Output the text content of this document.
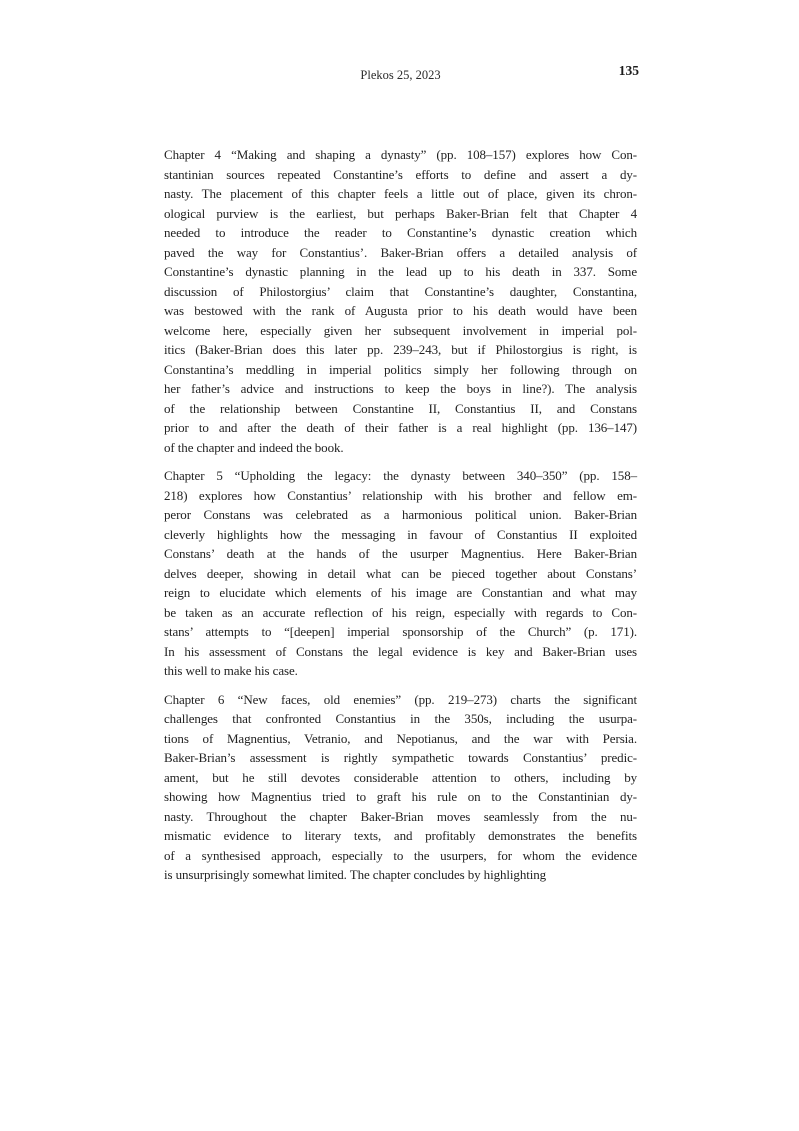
Plekos 25, 2023	135
Chapter 4 “Making and shaping a dynasty” (pp. 108–157) explores how Con-
stantinian sources repeated Constantine’s efforts to define and assert a dy-
nasty. The placement of this chapter feels a little out of place, given its chron-
ological purview is the earliest, but perhaps Baker-Brian felt that Chapter 4
needed to introduce the reader to Constantine’s dynastic creation which
paved the way for Constantius’. Baker-Brian offers a detailed analysis of
Constantine’s dynastic planning in the lead up to his death in 337. Some
discussion of Philostorgius’ claim that Constantine’s daughter, Constantina,
was bestowed with the rank of Augusta prior to his death would have been
welcome here, especially given her subsequent involvement in imperial pol-
itics (Baker-Brian does this later pp. 239–243, but if Philostorgius is right, is
Constantina’s meddling in imperial politics simply her following through on
her father’s advice and instructions to keep the boys in line?). The analysis
of the relationship between Constantine II, Constantius II, and Constans
prior to and after the death of their father is a real highlight (pp. 136–147)
of the chapter and indeed the book.
Chapter 5 “Upholding the legacy: the dynasty between 340–350” (pp. 158–
218) explores how Constantius’ relationship with his brother and fellow em-
peror Constans was celebrated as a harmonious political union. Baker-Brian
cleverly highlights how the messaging in favour of Constantius II exploited
Constans’ death at the hands of the usurper Magnentius. Here Baker-Brian
delves deeper, showing in detail what can be pieced together about Constans’
reign to elucidate which elements of his image are Constantian and what may
be taken as an accurate reflection of his reign, especially with regards to Con-
stans’ attempts to “[deepen] imperial sponsorship of the Church” (p. 171).
In his assessment of Constans the legal evidence is key and Baker-Brian uses
this well to make his case.
Chapter 6 “New faces, old enemies” (pp. 219–273) charts the significant
challenges that confronted Constantius in the 350s, including the usurpa-
tions of Magnentius, Vetranio, and Nepotianus, and the war with Persia.
Baker-Brian’s assessment is rightly sympathetic towards Constantius’ predic-
ament, but he still devotes considerable attention to others, including by
showing how Magnentius tried to graft his rule on to the Constantinian dy-
nasty. Throughout the chapter Baker-Brian moves seamlessly from the nu-
mismatic evidence to literary texts, and profitably demonstrates the benefits
of a synthesised approach, especially to the usurpers, for whom the evidence
is unsurprisingly somewhat limited. The chapter concludes by highlighting
